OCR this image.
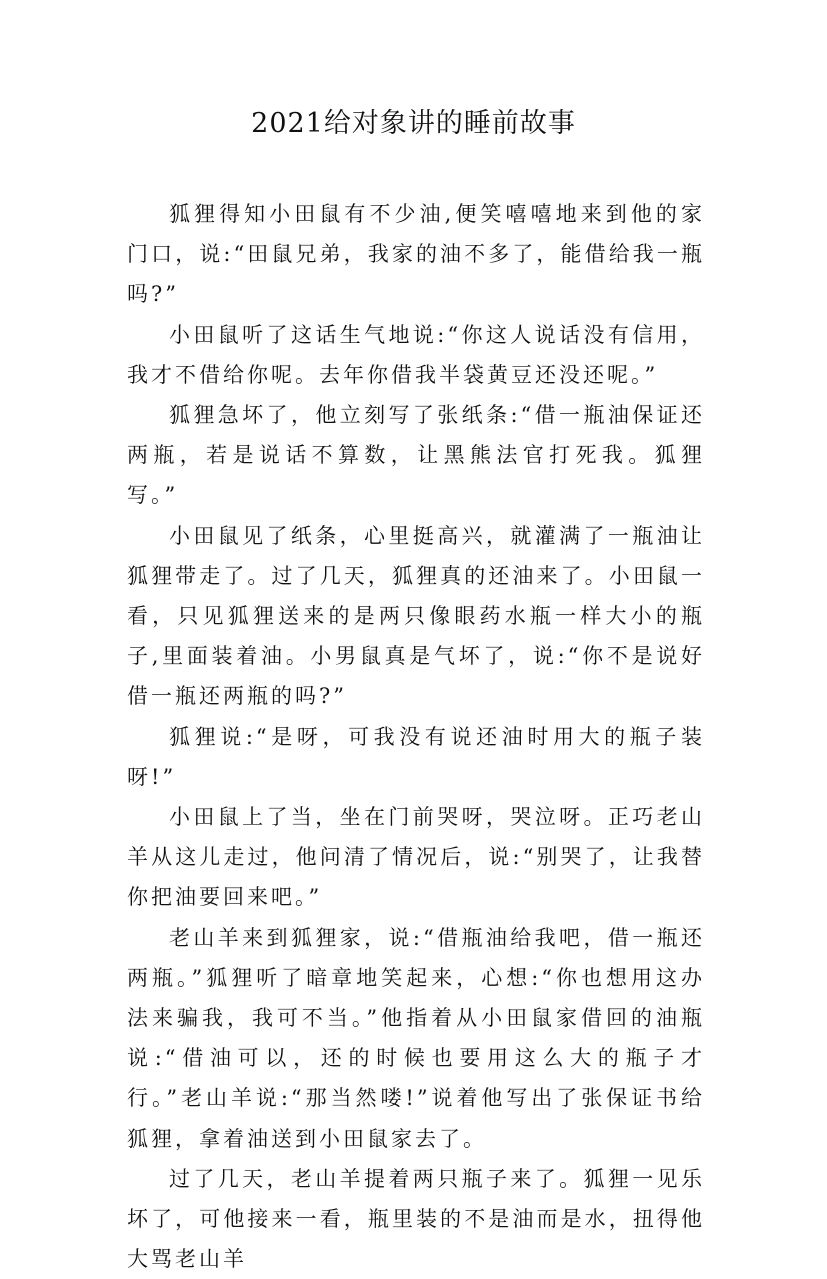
2021给对象讲的睡前故事

狐狸得知小田鼠有不少油,便笑嘻嘻地来到他的家门口，说:“田鼠兄弟，我家的油不多了，能借给我一瓶吗?”

小田鼠听了这话生气地说:“你这人说话没有信用，我才不借给你呢。去年你借我半袋黄豆还没还呢。”

狐狸急坏了，他立刻写了张纸条:“借一瓶油保证还两瓶，若是说话不算数，让黑熊法官打死我。狐狸写。”

小田鼠见了纸条，心里挺高兴，就灌满了一瓶油让狐狸带走了。过了几天，狐狸真的还油来了。小田鼠一看，只见狐狸送来的是两只像眼药水瓶一样大小的瓶子,里面装着油。小男鼠真是气坏了，说:“你不是说好借一瓶还两瓶的吗?”

狐狸说:“是呀，可我没有说还油时用大的瓶子装呀!”

小田鼠上了当，坐在门前哭呀，哭泣呀。正巧老山羊从这儿走过，他问清了情况后，说:“别哭了，让我替你把油要回来吧。”

老山羊来到狐狸家，说:“借瓶油给我吧，借一瓶还两瓶。”狐狸听了暗章地笑起来，心想:“你也想用这办法来骗我，我可不当。”他指着从小田鼠家借回的油瓶说:“借油可以，还的时候也要用这么大的瓶子才行。”老山羊说:“那当然喽!”说着他写出了张保证书给狐狸，拿着油送到小田鼠家去了。

过了几天，老山羊提着两只瓶子来了。狐狸一见乐坏了，可他接来一看，瓶里装的不是油而是水，扭得他大骂老山羊
